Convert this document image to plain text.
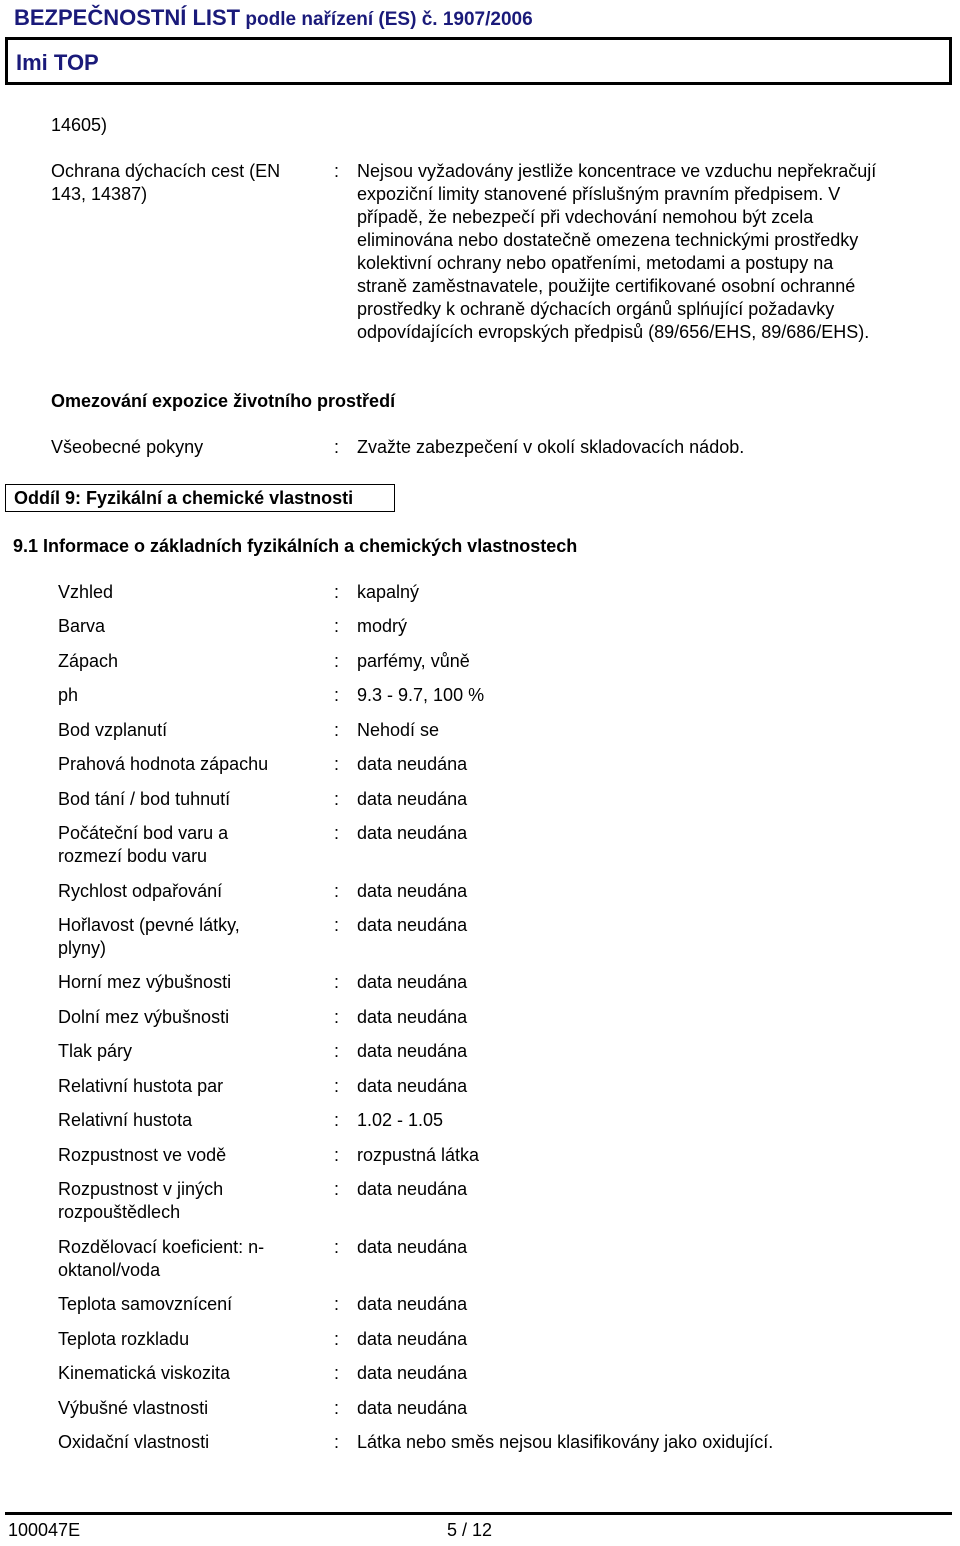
BEZPEČNOSTNÍ LIST podle nařízení (ES) č. 1907/2006
Imi TOP
14605)
Ochrana dýchacích cest (EN
143, 14387)
: Nejsou vyžadovány jestliže koncentrace ve vzduchu nepřekračují
expoziční limity stanovené příslušným pravním předpisem. V
případě, že nebezpečí při vdechování nemohou být zcela
eliminována nebo dostatečně omezena technickými prostředky
kolektivní ochrany nebo opatřeními, metodami a postupy na
straně zaměstnavatele, použijte certifikované osobní ochranné
prostředky k ochraně dýchacích orgánů splńující požadavky
odpovídajících evropských předpisů (89/656/EHS, 89/686/EHS).
Omezování expozice životního prostředí
Všeobecné pokyny	: Zvažte zabezpečení v okolí skladovacích nádob.
Oddíl 9: Fyzikální a chemické vlastnosti
9.1 Informace o základních fyzikálních a chemických vlastnostech
Vzhled	: kapalný
Barva	: modrý
Zápach	: parfémy, vůně
ph	: 9.3 - 9.7, 100 %
Bod vzplanutí	: Nehodí se
Prahová hodnota zápachu	: data neudána
Bod tání / bod tuhnutí	: data neudána
Počáteční bod varu a
rozmezí bodu varu
: data neudána
Rychlost odpařování	: data neudána
Hořlavost (pevné látky,
plyny)
: data neudána
Horní mez výbušnosti	: data neudána
Dolní mez výbušnosti	: data neudána
Tlak páry	: data neudána
Relativní hustota par	: data neudána
Relativní hustota	: 1.02 - 1.05
Rozpustnost ve vodě	: rozpustná látka
Rozpustnost v jiných
rozpouštědlech
: data neudána
Rozdělovací koeficient: n-
oktanol/voda
: data neudána
Teplota samovznícení	: data neudána
Teplota rozkladu	: data neudána
Kinematická viskozita	: data neudána
Výbušné vlastnosti	: data neudána
Oxidační vlastnosti	: Látka nebo směs nejsou klasifikovány jako oxidující.
100047E	5 / 12
